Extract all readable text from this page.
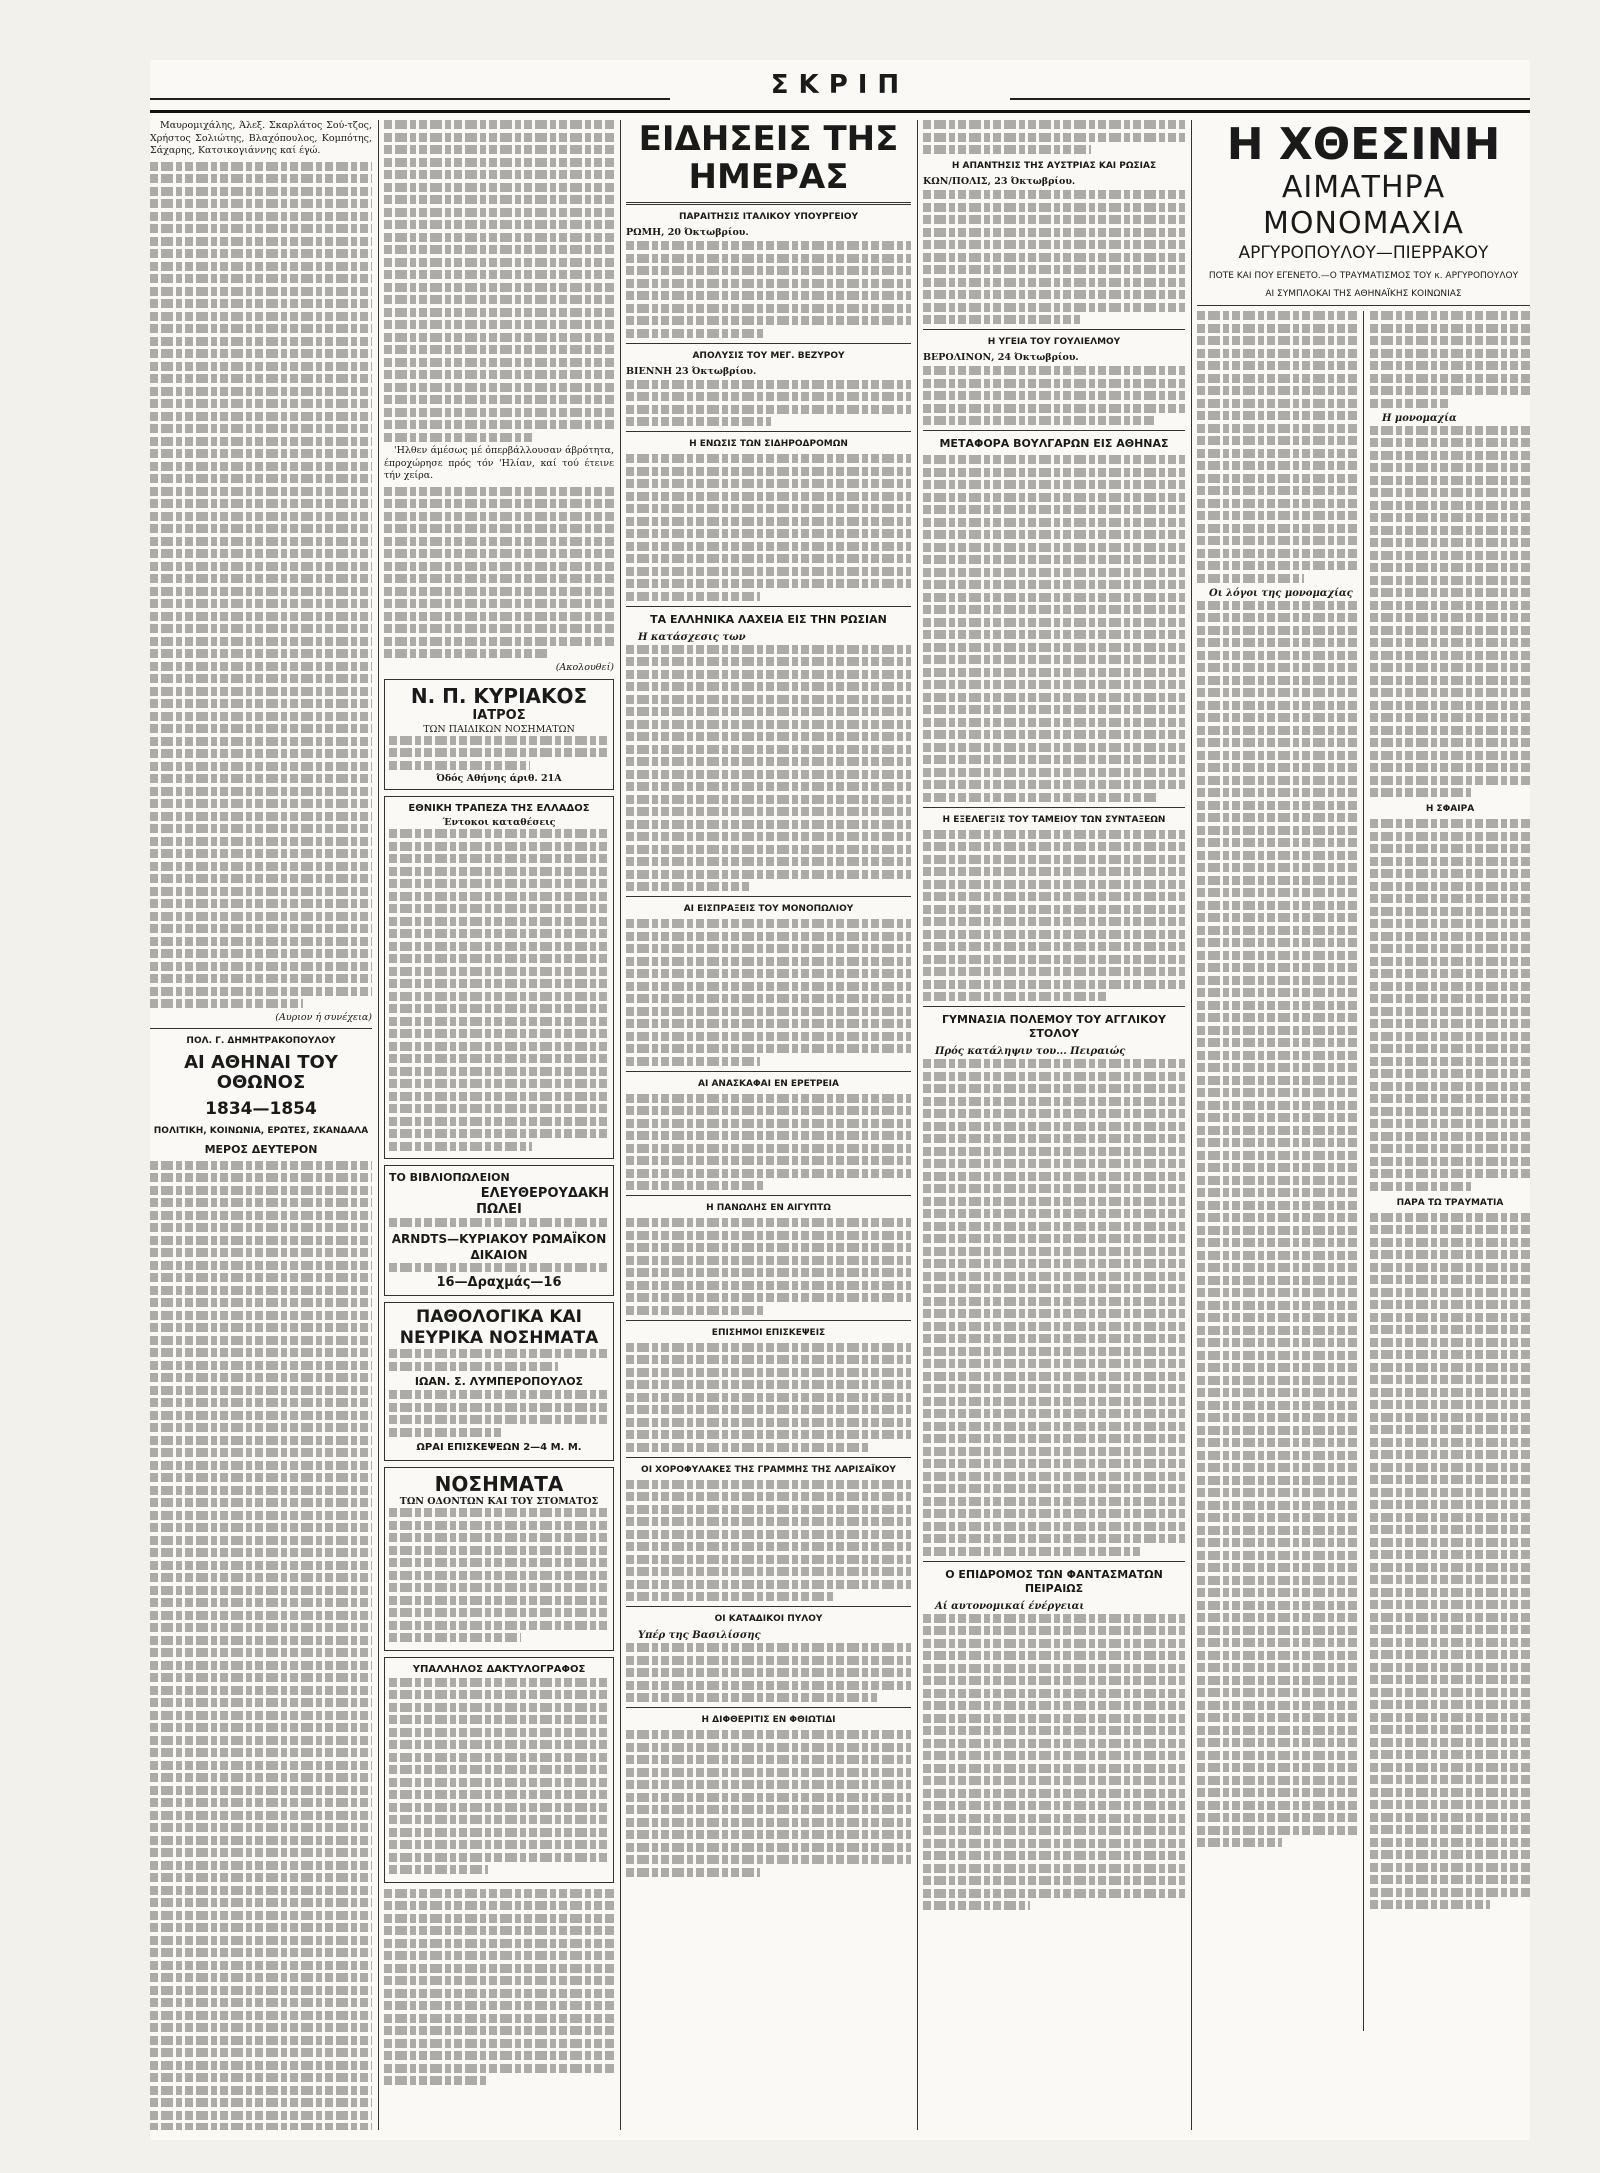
ΣΚΡΙΠ

Μαυρομιχάλης, Άλεξ. Σκαρλάτος Σού-τζος, Χρήστος Σολιώτης, Βλαχόπουλος, Κομπότης, Σάχαρης, Κατσικογιάννης καί έγώ.

(Αυριον ή συνέχεια)
ΠΟΛ. Γ. ΔΗΜΗΤΡΑΚΟΠΟΥΛΟΥ
ΑΙ ΑΘΗΝΑΙ ΤΟΥ ΟΘΩΝΟΣ
1834—1854
ΠΟΛΙΤΙΚΗ, ΚΟΙΝΩΝΙΑ, ΕΡΩΤΕΣ, ΣΚΑΝΔΑΛΑ
ΜΕΡΟΣ ΔΕΥΤΕΡΟΝ

'Ηλθεν άμέσως μέ όπερβάλλουσαν άβρότητα, έπροχώρησε πρός τόν 'Ηλίαν, καί τού έτεινε τήν χείρα.

(Ακολουθεί)
Ν. Π. ΚΥΡΙΑΚΟΣ
ΙΑΤΡΟΣ
ΤΩΝ ΠΑΙΔΙΚΩΝ ΝΟΣΗΜΑΤΩΝ
Όδός Αθήνης άριθ. 21Α
ΕΘΝΙΚΗ ΤΡΑΠΕΖΑ ΤΗΣ ΕΛΛΑΔΟΣ
Έντοκοι καταθέσεις
ΤΟ ΒΙΒΛΙΟΠΩΛΕΙΟΝ
ΕΛΕΥΘΕΡΟΥΔΑΚΗ
ΠΩΛΕΙ
ARNDTS—ΚΥΡΙΑΚΟΥ ΡΩΜΑΪΚΟΝ ΔΙΚΑΙΟΝ
16—Δραχμάς—16
ΠΑΘΟΛΟΓΙΚΑ ΚΑΙ ΝΕΥΡΙΚΑ ΝΟΣΗΜΑΤΑ
ΙΩΑΝ. Σ. ΛΥΜΠΕΡΟΠΟΥΛΟΣ
ΩΡΑΙ ΕΠΙΣΚΕΨΕΩΝ 2—4 Μ. Μ.
ΝΟΣΗΜΑΤΑ
ΤΩΝ ΟΔΟΝΤΩΝ ΚΑΙ ΤΟΥ ΣΤΟΜΑΤΟΣ
ΥΠΑΛΛΗΛΟΣ ΔΑΚΤΥΛΟΓΡΑΦΟΣ
ΕΙΔΗΣΕΙΣ ΤΗΣ ΗΜΕΡΑΣ
ΠΑΡΑΙΤΗΣΙΣ ΙΤΑΛΙΚΟΥ ΥΠΟΥΡΓΕΙΟΥ
ΡΩΜΗ, 20 Όκτωβρίου.
ΑΠΟΛΥΣΙΣ ΤΟΥ ΜΕΓ. ΒΕΖΥΡΟΥ
ΒΙΕΝΝΗ 23 Όκτωβρίου.
Η ΕΝΩΣΙΣ ΤΩΝ ΣΙΔΗΡΟΔΡΟΜΩΝ
ΤΑ ΕΛΛΗΝΙΚΑ ΛΑΧΕΙΑ ΕΙΣ ΤΗΝ ΡΩΣΙΑΝ
Η κατάσχεσις των
ΑΙ ΕΙΣΠΡΑΞΕΙΣ ΤΟΥ ΜΟΝΟΠΩΛΙΟΥ
ΑΙ ΑΝΑΣΚΑΦΑΙ ΕΝ ΕΡΕΤΡΕΙΑ
Η ΠΑΝΩΛΗΣ ΕΝ ΑΙΓΥΠΤΩ
ΕΠΙΣΗΜΟΙ ΕΠΙΣΚΕΨΕΙΣ
ΟΙ ΧΟΡΟΦΥΛΑΚΕΣ ΤΗΣ ΓΡΑΜΜΗΣ ΤΗΣ ΛΑΡΙΣΑΪΚΟΥ
ΟΙ ΚΑΤΑΔΙΚΟΙ ΠΥΛΟΥ
Υπέρ της Βασιλίσσης
Η ΔΙΦΘΕΡΙΤΙΣ ΕΝ ΦΘΙΩΤΙΔΙ
Η ΑΠΑΝΤΗΣΙΣ ΤΗΣ ΑΥΣΤΡΙΑΣ ΚΑΙ ΡΩΣΙΑΣ
ΚΩΝ/ΠΟΛΙΣ, 23 Όκτωβρίου.
Η ΥΓΕΙΑ ΤΟΥ ΓΟΥΛΙΕΛΜΟΥ
ΒΕΡΟΛΙΝΟΝ, 24 Όκτωβρίου.
ΜΕΤΑΦΟΡΑ ΒΟΥΛΓΑΡΩΝ ΕΙΣ ΑΘΗΝΑΣ
Η ΕΞΕΛΕΓΞΙΣ ΤΟΥ ΤΑΜΕΙΟΥ ΤΩΝ ΣΥΝΤΑΞΕΩΝ
ΓΥΜΝΑΣΙΑ ΠΟΛΕΜΟΥ ΤΟΥ ΑΓΓΛΙΚΟΥ ΣΤΟΛΟΥ
Πρός κατάληψιν του... Πειραιώς
Ο ΕΠΙΔΡΟΜΟΣ ΤΩΝ ΦΑΝΤΑΣΜΑΤΩΝ ΠΕΙΡΑΙΩΣ
Αί αυτονομικαί ένέργειαι
Η ΧΘΕΣΙΝΗ
ΑΙΜΑΤΗΡΑ ΜΟΝΟΜΑΧΙΑ
ΑΡΓΥΡΟΠΟΥΛΟΥ—ΠΙΕΡΡΑΚΟΥ
ΠΟΤΕ ΚΑΙ ΠΟΥ ΕΓΕΝΕΤΟ.—Ο ΤΡΑΥΜΑΤΙΣΜΟΣ ΤΟΥ κ. ΑΡΓΥΡΟΠΟΥΛΟΥ
ΑΙ ΣΥΜΠΛΟΚΑΙ ΤΗΣ ΑΘΗΝΑΪΚΗΣ ΚΟΙΝΩΝΙΑΣ
Οι λόγοι της μονομαχίας
Η μονομαχία
Η ΣΦΑΙΡΑ
ΠΑΡΑ ΤΩ ΤΡΑΥΜΑΤΙΑ
